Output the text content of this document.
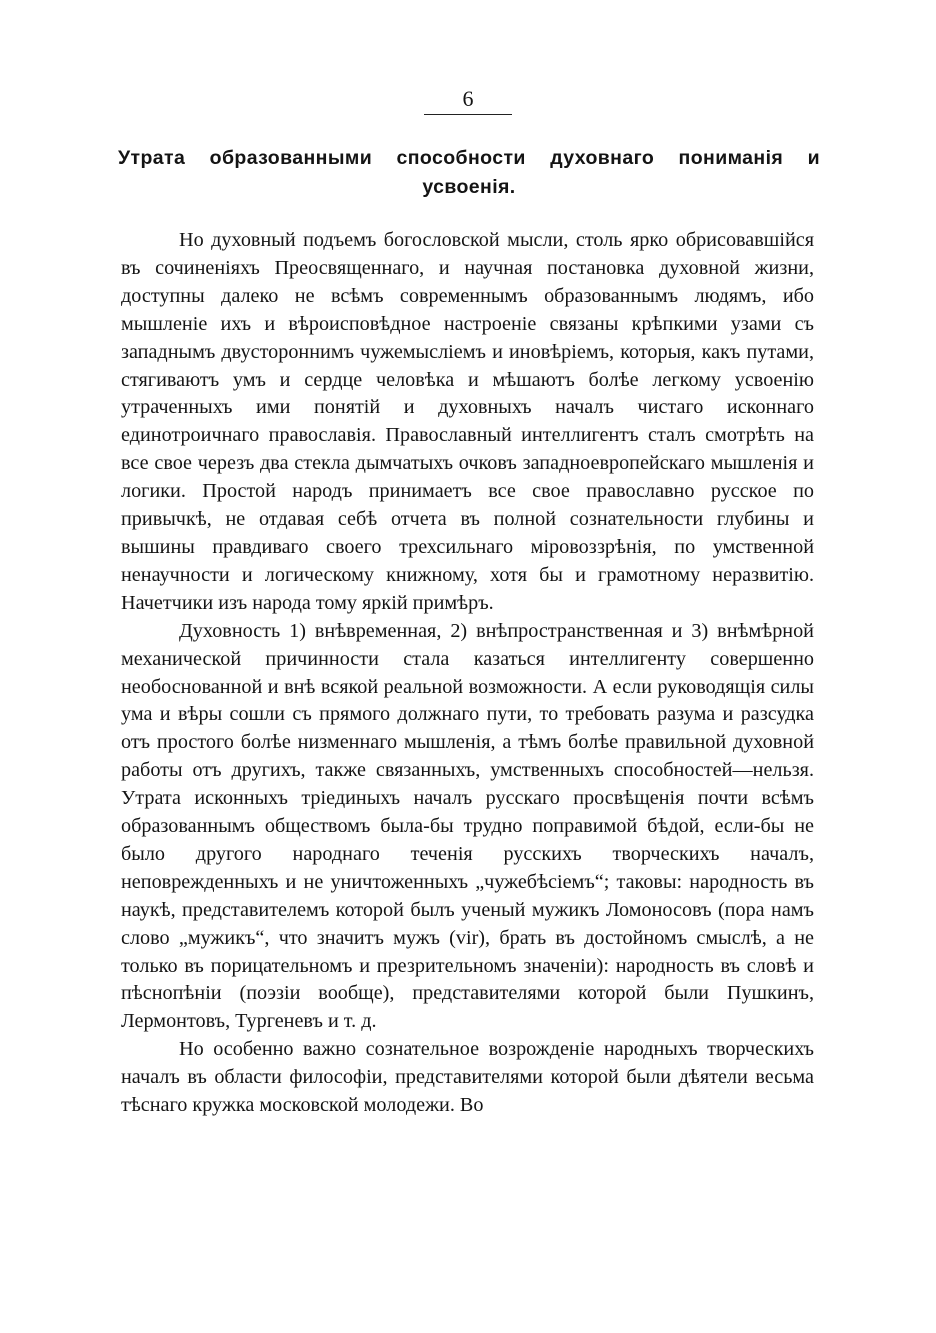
6
Утрата образованными способности духовнаго пониманія и усвоенія.

Но духовный подъемъ богословской мысли, столь ярко обрисовавшійся въ сочиненіяхъ Преосвященнаго, и научная постановка духовной жизни, доступны далеко не всѣмъ современнымъ образованнымъ людямъ, ибо мышленіе ихъ и вѣроисповѣдное настроеніе связаны крѣпкими узами съ западнымъ двустороннимъ чужемысліемъ и иновѣріемъ, которыя, какъ путами, стягиваютъ умъ и сердце человѣка и мѣшаютъ болѣе легкому усвоенію утраченныхъ ими понятій и духовныхъ началъ чистаго исконнаго единотроичнаго православія. Православный интеллигентъ сталъ смотрѣть на все свое черезъ два стекла дымчатыхъ очковъ западноевропейскаго мышленія и логики. Простой народъ принимаетъ все свое православно русское по привычкѣ, не отдавая себѣ отчета въ полной сознательности глубины и вышины правдиваго своего трехсильнаго міровоззрѣнія, по умственной ненаучности и логическому книжному, хотя бы и грамотному неразвитію. Начетчики изъ народа тому яркій примѣръ.

Духовность 1) внѣвременная, 2) внѣпространственная и 3) внѣмѣрной механической причинности стала казаться интеллигенту совершенно необоснованной и внѣ всякой реальной возможности. А если руководящія силы ума и вѣры сошли съ прямого должнаго пути, то требовать разума и разсудка отъ простого болѣе низменнаго мышленія, а тѣмъ болѣе правильной духовной работы отъ другихъ, также связанныхъ, умственныхъ способностей—нельзя. Утрата исконныхъ тріединыхъ началъ русскаго просвѣщенія почти всѣмъ образованнымъ обществомъ была-бы трудно поправимой бѣдой, если-бы не было другого народнаго теченія русскихъ творческихъ началъ, неповрежденныхъ и не уничтоженныхъ „чужебѣсіемъ“; таковы: народность въ наукѣ, представителемъ которой былъ ученый мужикъ Ломоносовъ (пора намъ слово „мужикъ“, что значитъ мужъ (vir), брать въ достойномъ смыслѣ, а не только въ порицательномъ и презрительномъ значеніи): народность въ словѣ и пѣснопѣніи (поэзіи вообще), представителями которой были Пушкинъ, Лермонтовъ, Тургеневъ и т. д.

Но особенно важно сознательное возрожденіе народныхъ творческихъ началъ въ области философіи, представителями которой были дѣятели весьма тѣснаго кружка московской молодежи. Во
